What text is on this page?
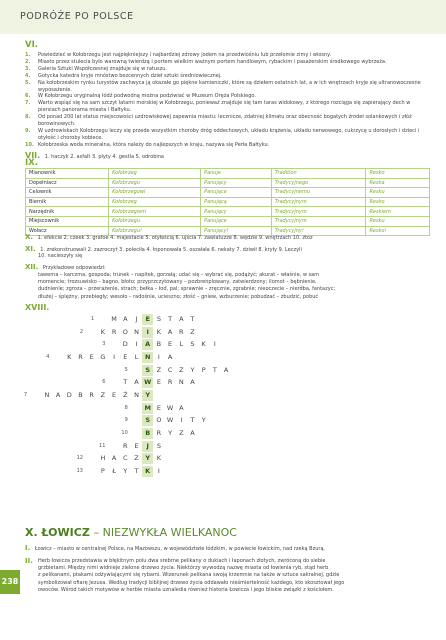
PODRÓŻE PO POLSCE
VI.
1. Powiedzieć w Kołobrzegu jest najpiękniejszy i najbardziej zdrowy jodem na przedwiośniu lub przełomie zimy i wiosny.
2. Miasto przez stulecia było warowną twierdzą i portem wielkim ważnym portem handlowym, rybackim i pasażerskim środkowego wybrzeża.
3. Galeria Sztuki Współczesnej znajduje się w ratuszu.
4. Gotycka katedra kryje mnóstwo bezcennych dzieł sztuki średniowiecznej.
5. Na kołobrzeskim rynku turystów zachwyca ją okazałe go piękne kamieniczki, które są dziełem ostatnich lat, a w ich wnętrzach kryje się ultranowoczesne wyposażenie.
6. W Kołobrzegu oryginalną łódź podwodną można podziwiać w Muzeum Oręża Polskiego.
7. Warto wspiąć się na sam szczyt latarni morskiej w Kołobrzegu, ponieważ znajduje się tam taras widokowy, z którego rozciąga się zapierający dech w piersiach panorama miasta i Bałtyku.
8. Od ponad 200 lat status miejscowości uzdrowiskowej zapewnia miastu: lecznicze, zdatniej klimatu oraz obecność bogatych źródeł solankowych i złóż borowinowych.
9. W uzdrowiskach Kołobrzegu leczy się przede wszystkim choroby dróg oddechowych, układu krążenia, układu nerwowego, cukrzycę u dorosłych i dzieci i otyłość i choroby kobiece.
10. Kołobrzeska woda mineralna, która należy do najlepszych w kraju, nazywa się Perła Bałtyku.
VII. 1. haczyk 2. asfalt 3. plyty 4. gestla 5. odrobina
IX.
Mianownik	Kołobrzeg	Panuje	Tradition	Resko
Dopełniacz	Kołobrzegu	Panujący	Tradycyjnego	Reska
Celownik	Kołobrzegowi	Panujące	Tradycyjnemu	Resku
Biernik	Kołobrzeg	Panującą	Tradycyjnym	Resko
Narzędnik	Kołobrzegiem	Panujący	Tradycyjnym	Reskiem
Miejscownik	Kołobrzegu	Panujące	Tradycyjnym	Resku
Wołacz	Kołobrzegu!	Panujący!	Tradycyjny!	Resko!
X. 1. efekcie 2. czeek 3. grafoe 4. majestacie 5. otyłeścią 6. ujścia 7. zawiatuzze 8. wędzie 9. wnętrzach 10. ztoz
XI. 1. zrekonstruowali 2. zazroczyt 3. poleciła 4. łnponowała 5. oszałała 6. nekaty 7. dziwił 8. kryły 9. Leczyli
10. nacieszyły się
XII. Przykładowe odpowiedzi:
tawerna – karczma, gospoda; trunek – napitek, gorzałą; udać się – wybrać się, podążyć; akurat – właśnie, w sam
momencie; trozsuwisko – bagno, błoto; przyprzczytowany – pozbrenplowany, zatwierdzony; ilomot – bębnienie,
dudnienie; zgroza – przerażenie, strach; bełka – łod, pal; sprawnie – zręcznie, zgrabnie; nieoczecie – nierdba, fantazyc;
dłużej – śpiężny, przebiegły; wesoło – radośnie, ucieszno; złość – gniew, wzburzenie; pobudzać – zbudzić, pobuć
XVIII.
1	M A	J	E	S	T	A	T
2	K	R O N	I	K	A	R	Z
3	D	I	A B	E	L	S	K	I
4	K	R	E	G	I	E	L	N	I	A
5	S	Z	C	Z	Y	P	T	A
6	T	A W E	R	N	A
7	N	A D B	R	Z	E	Ż	N Y
8	M E W A
9	S O W	I	T	Y
10	B R	Y	Z	A
11	R	E	J	S
12	H	A	C	Z	Y	K
13	P	Ł	Y	T	K	I
X. ŁOWICZ – NIEZWYKŁA WIELKANOC
I. Łowicz – miasto w centralnej Polsce, na Mazowszu, w województwie łódzkim, w powiecie łowickim, nad rzeką Bzurą.
II.	Herb łowicza przedstawia w błękitnym polu dwa srebrne pelikany o dukiach i łaponach złotych, zwróconą do siebie
grzbietami. Między nimi widnieje zielone drzewo życia. Niektórzy wywodzą nazwę miasta od łowienia ryb, stąd herb
z pelikanami, ptakami odżywiającymi się rybami. Wizerunek pelikana swoją krzemnie na także w sztuce sakralnej, gdzie
symbolizował ofiarę Jezusa. Według tradycji biblijnej drzewo życia oddawało nieśmiertelność każdego, kto skosztował jego
owoców. Wśród takich motywów w herbie miasta uznaledia również historia Łowicza i jego bliskie związki z kościołem.
238
